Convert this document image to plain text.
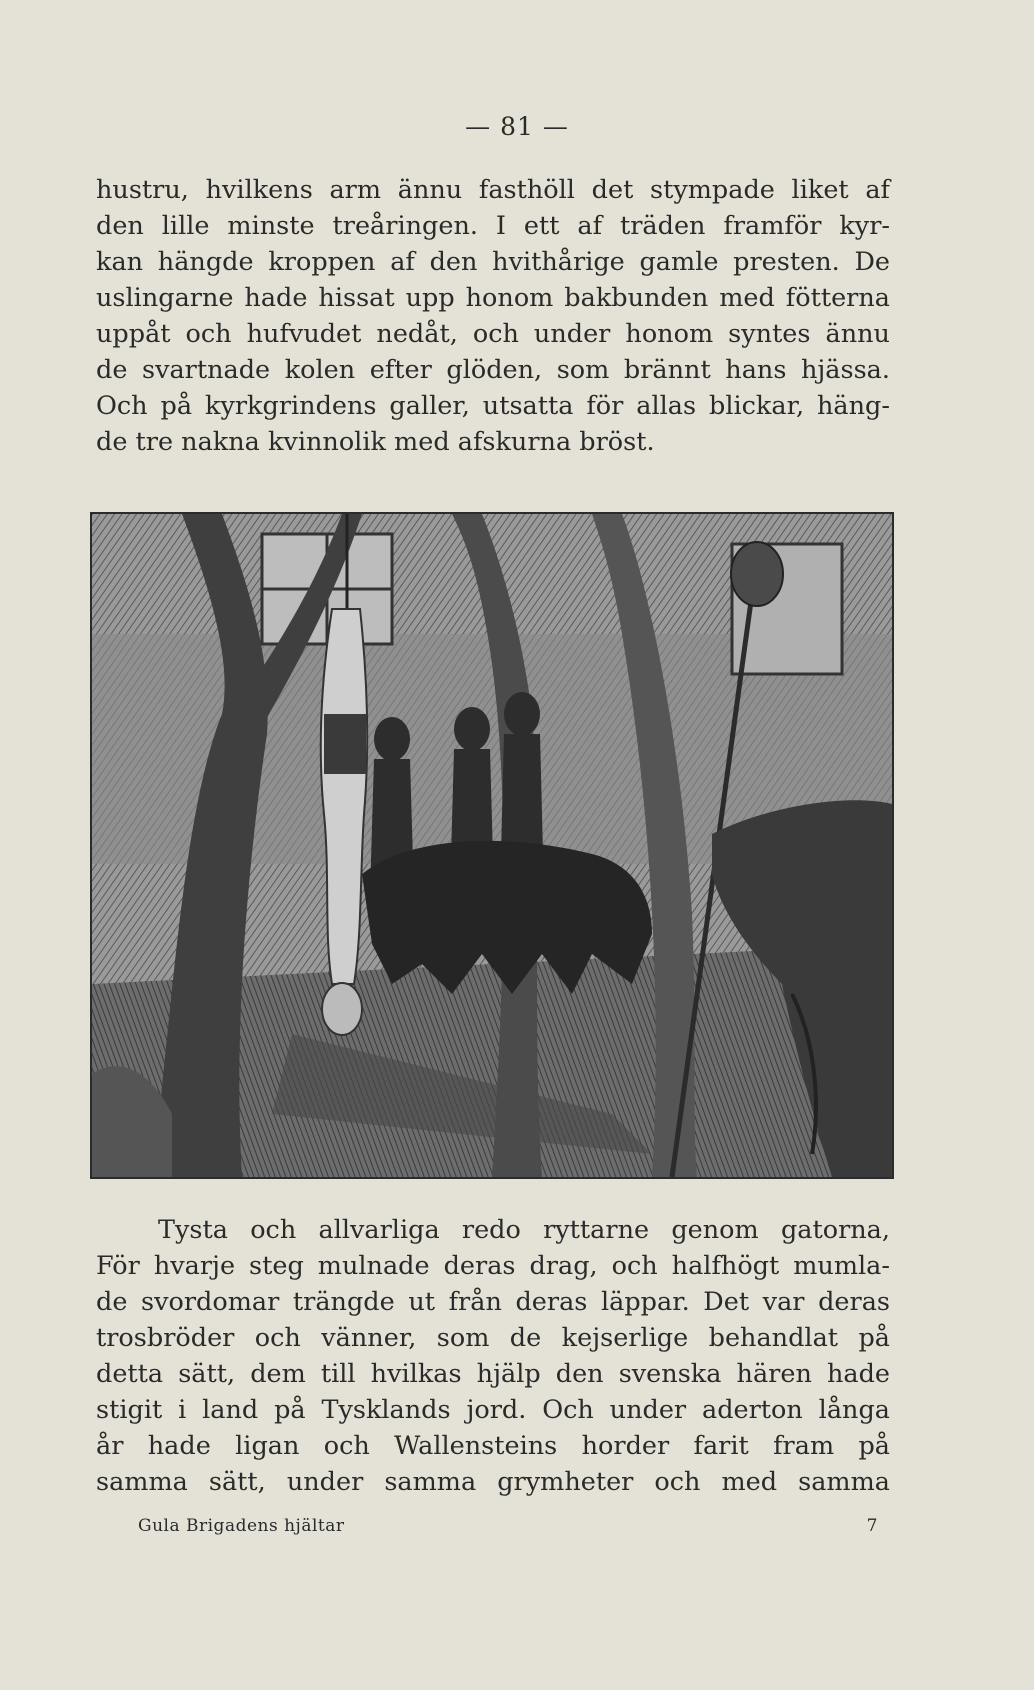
— 81 —
hustru, hvilkens arm ännu fasthöll det stympade liket af
den lille minste treåringen. I ett af träden framför kyr-
kan hängde kroppen af den hvithårige gamle presten. De
uslingarne hade hissat upp honom bakbunden med fötterna
uppåt och hufvudet nedåt, och under honom syntes ännu
de svartnade kolen efter glöden, som brännt hans hjässa.
Och på kyrkgrindens galler, utsatta för allas blickar, häng-
de tre nakna kvinnolik med afskurna bröst.
Tysta och allvarliga redo ryttarne genom gatorna,
För hvarje steg mulnade deras drag, och halfhögt mumla-
de svordomar trängde ut från deras läppar. Det var deras
trosbröder och vänner, som de kejserlige behandlat på
detta sätt, dem till hvilkas hjälp den svenska hären hade
stigit i land på Tysklands jord. Och under aderton långa
år hade ligan och Wallensteins horder farit fram på
samma sätt, under samma grymheter och med samma
Gula Brigadens hjältar	7
